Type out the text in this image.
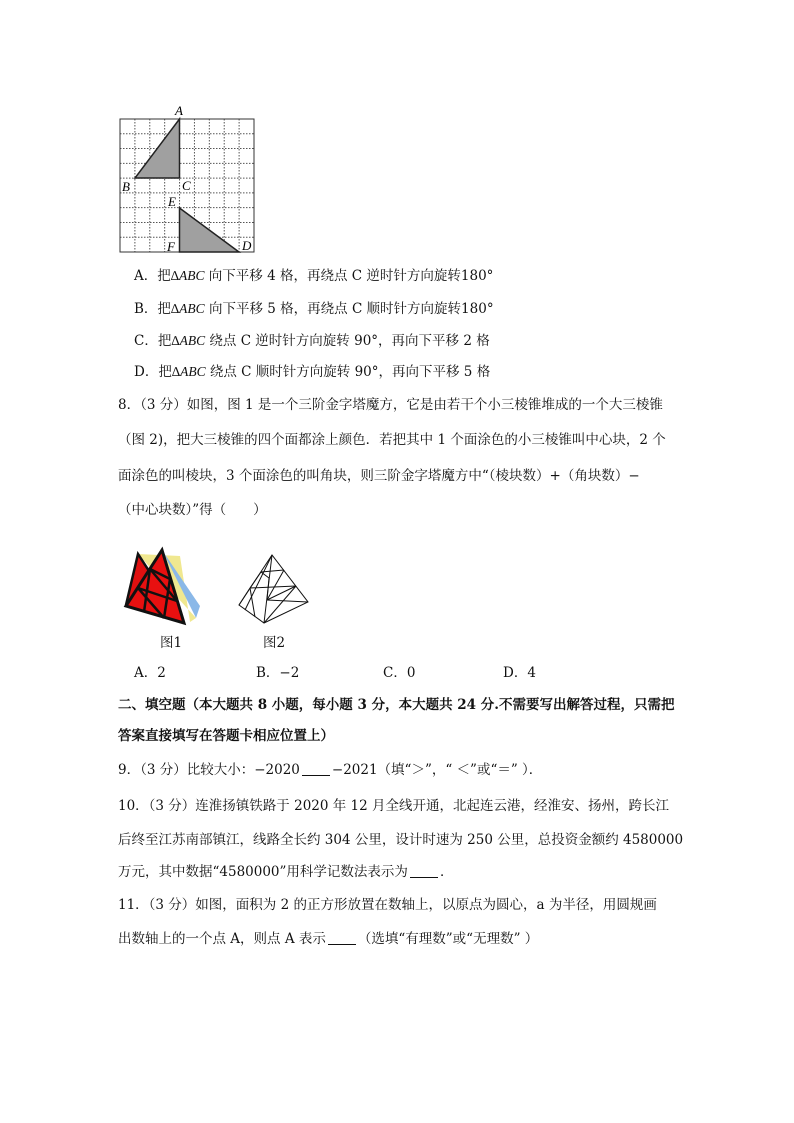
A
B	C
E
F	D
A．把∆ABC 向下平移 4 格，再绕点 C 逆时针方向旋转180°
B．把∆ABC 向下平移 5 格，再绕点 C 顺时针方向旋转180°
C．把∆ABC 绕点 C 逆时针方向旋转 90°，再向下平移 2 格
D．把∆ABC 绕点 C 顺时针方向旋转 90°，再向下平移 5 格
8．（3 分）如图，图 1 是一个三阶金字塔魔方，它是由若干个小三棱锥堆成的一个大三棱锥
（图 2)，把大三棱锥的四个面都涂上颜色．若把其中 1 个面涂色的小三棱锥叫中心块，2 个
面涂色的叫棱块，3 个面涂色的叫角块，则三阶金字塔魔方中“（棱块数）+（角块数）−
（中心块数）”得（　　）
图1	图2
A．2	B．−2	C．0	D．4
二、填空题（本大题共 8 小题，每小题 3 分，本大题共 24 分.不需要写出解答过程，只需把
答案直接填写在答题卡相应位置上）
9．（3 分）比较大小：−2020 −2021（填“＞”，“ ＜”或“＝” ）．
10．（3 分）连淮扬镇铁路于 2020 年 12 月全线开通，北起连云港，经淮安、扬州，跨长江
后终至江苏南部镇江，线路全长约 304 公里，设计时速为 250 公里，总投资金额约 4580000
万元，其中数据“4580000”用科学记数法表示为 ．
11．（3 分）如图，面积为 2 的正方形放置在数轴上，以原点为圆心，a 为半径，用圆规画
出数轴上的一个点 A，则点 A 表示 （选填“有理数”或“无理数” ）
